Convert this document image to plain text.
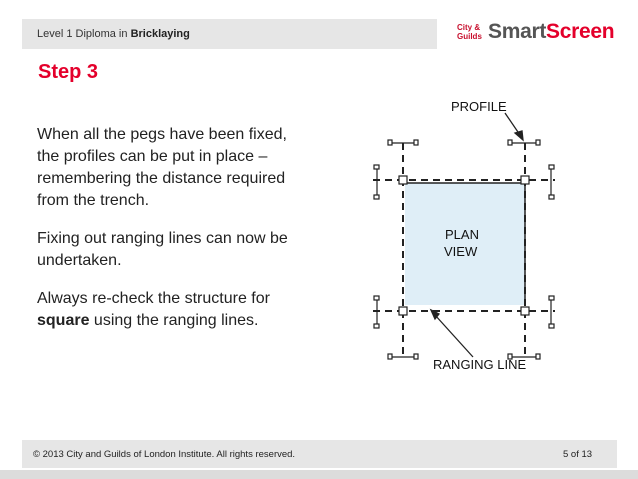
Level 1 Diploma in Bricklaying
City &
Guilds SmartScreen
Step 3
When all the pegs have been fixed, the profiles can be put in place – remembering the distance required from the trench.
Fixing out ranging lines can now be undertaken.
Always re-check the structure for square using the ranging lines.
PROFILE
PLAN
VIEW
RANGING LINE
© 2013 City and Guilds of London Institute. All rights reserved.	5 of 13
